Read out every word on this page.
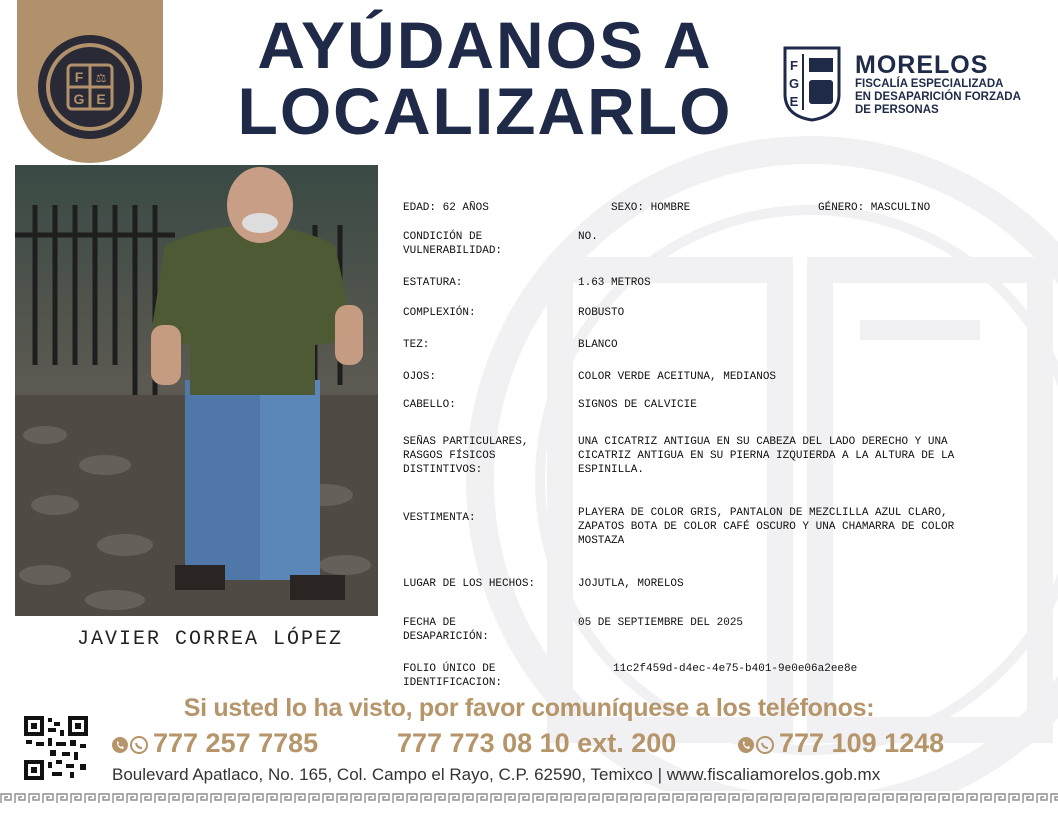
F
G
⚖
E
AYÚDANOS A
LOCALIZARLO
F
G
E
MORELOS
FISCALÍA ESPECIALIZADA
EN DESAPARICIÓN FORZADA
DE PERSONAS
JAVIER CORREA LÓPEZ
EDAD: 62 AÑOS	SEXO: HOMBRE	GÉNERO: MASCULINO
CONDICIÓN DE VULNERABILIDAD:
NO.
ESTATURA:	1.63 METROS
COMPLEXIÓN:	ROBUSTO
TEZ:	BLANCO
OJOS:	COLOR VERDE ACEITUNA, MEDIANOS
CABELLO:	SIGNOS DE CALVICIE
SEÑAS PARTICULARES, RASGOS FÍSICOS DISTINTIVOS:
UNA CICATRIZ ANTIGUA EN SU CABEZA DEL LADO DERECHO Y UNA CICATRIZ ANTIGUA EN SU PIERNA IZQUIERDA A LA ALTURA DE LA ESPINILLA.
VESTIMENTA:	PLAYERA DE COLOR GRIS, PANTALON DE MEZCLILLA AZUL CLARO, ZAPATOS BOTA DE COLOR CAFÉ OSCURO Y UNA CHAMARRA DE COLOR MOSTAZA
LUGAR DE LOS HECHOS:	JOJUTLA, MORELOS
FECHA DE DESAPARICIÓN:
05 DE SEPTIEMBRE DEL 2025
FOLIO ÚNICO DE IDENTIFICACION:
11c2f459d-d4ec-4e75-b401-9e0e06a2ee8e
Si usted lo ha visto, por favor comuníquese a los teléfonos:
777 257 7785	777 773 08 10 ext. 200	777 109 1248
Boulevard Apatlaco, No. 165, Col. Campo el Rayo, C.P. 62590, Temixco | www.fiscaliamorelos.gob.mx
